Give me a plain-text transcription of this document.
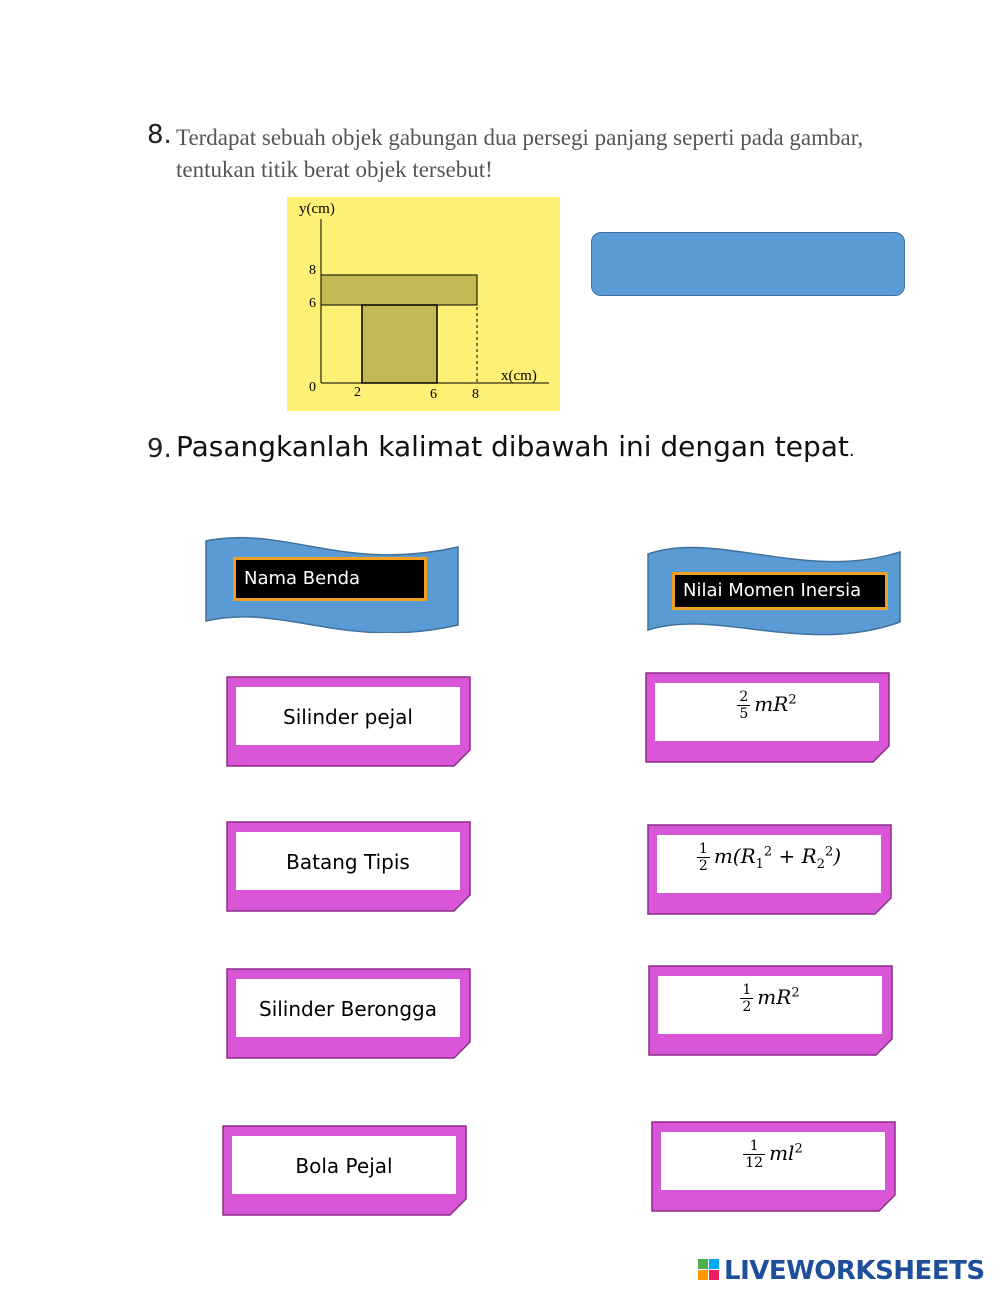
8. Terdapat sebuah objek gabungan dua persegi panjang seperti pada gambar, tentukan titik berat objek tersebut!
y(cm)
x(cm)
8
6
0	2	6	8
9. Pasangkanlah kalimat dibawah ini dengan tepat.
Nama Benda
Nilai Momen Inersia
Silinder pejal
Batang Tipis
Silinder Berongga
Bola Pejal
$\frac{2}{5} mR^2$
$\frac{1}{2} m(R_1^2 + R_2^2)$
$\frac{1}{2} mR^2$
$\frac{1}{12} ml^2$
LIVEWORKSHEETS
